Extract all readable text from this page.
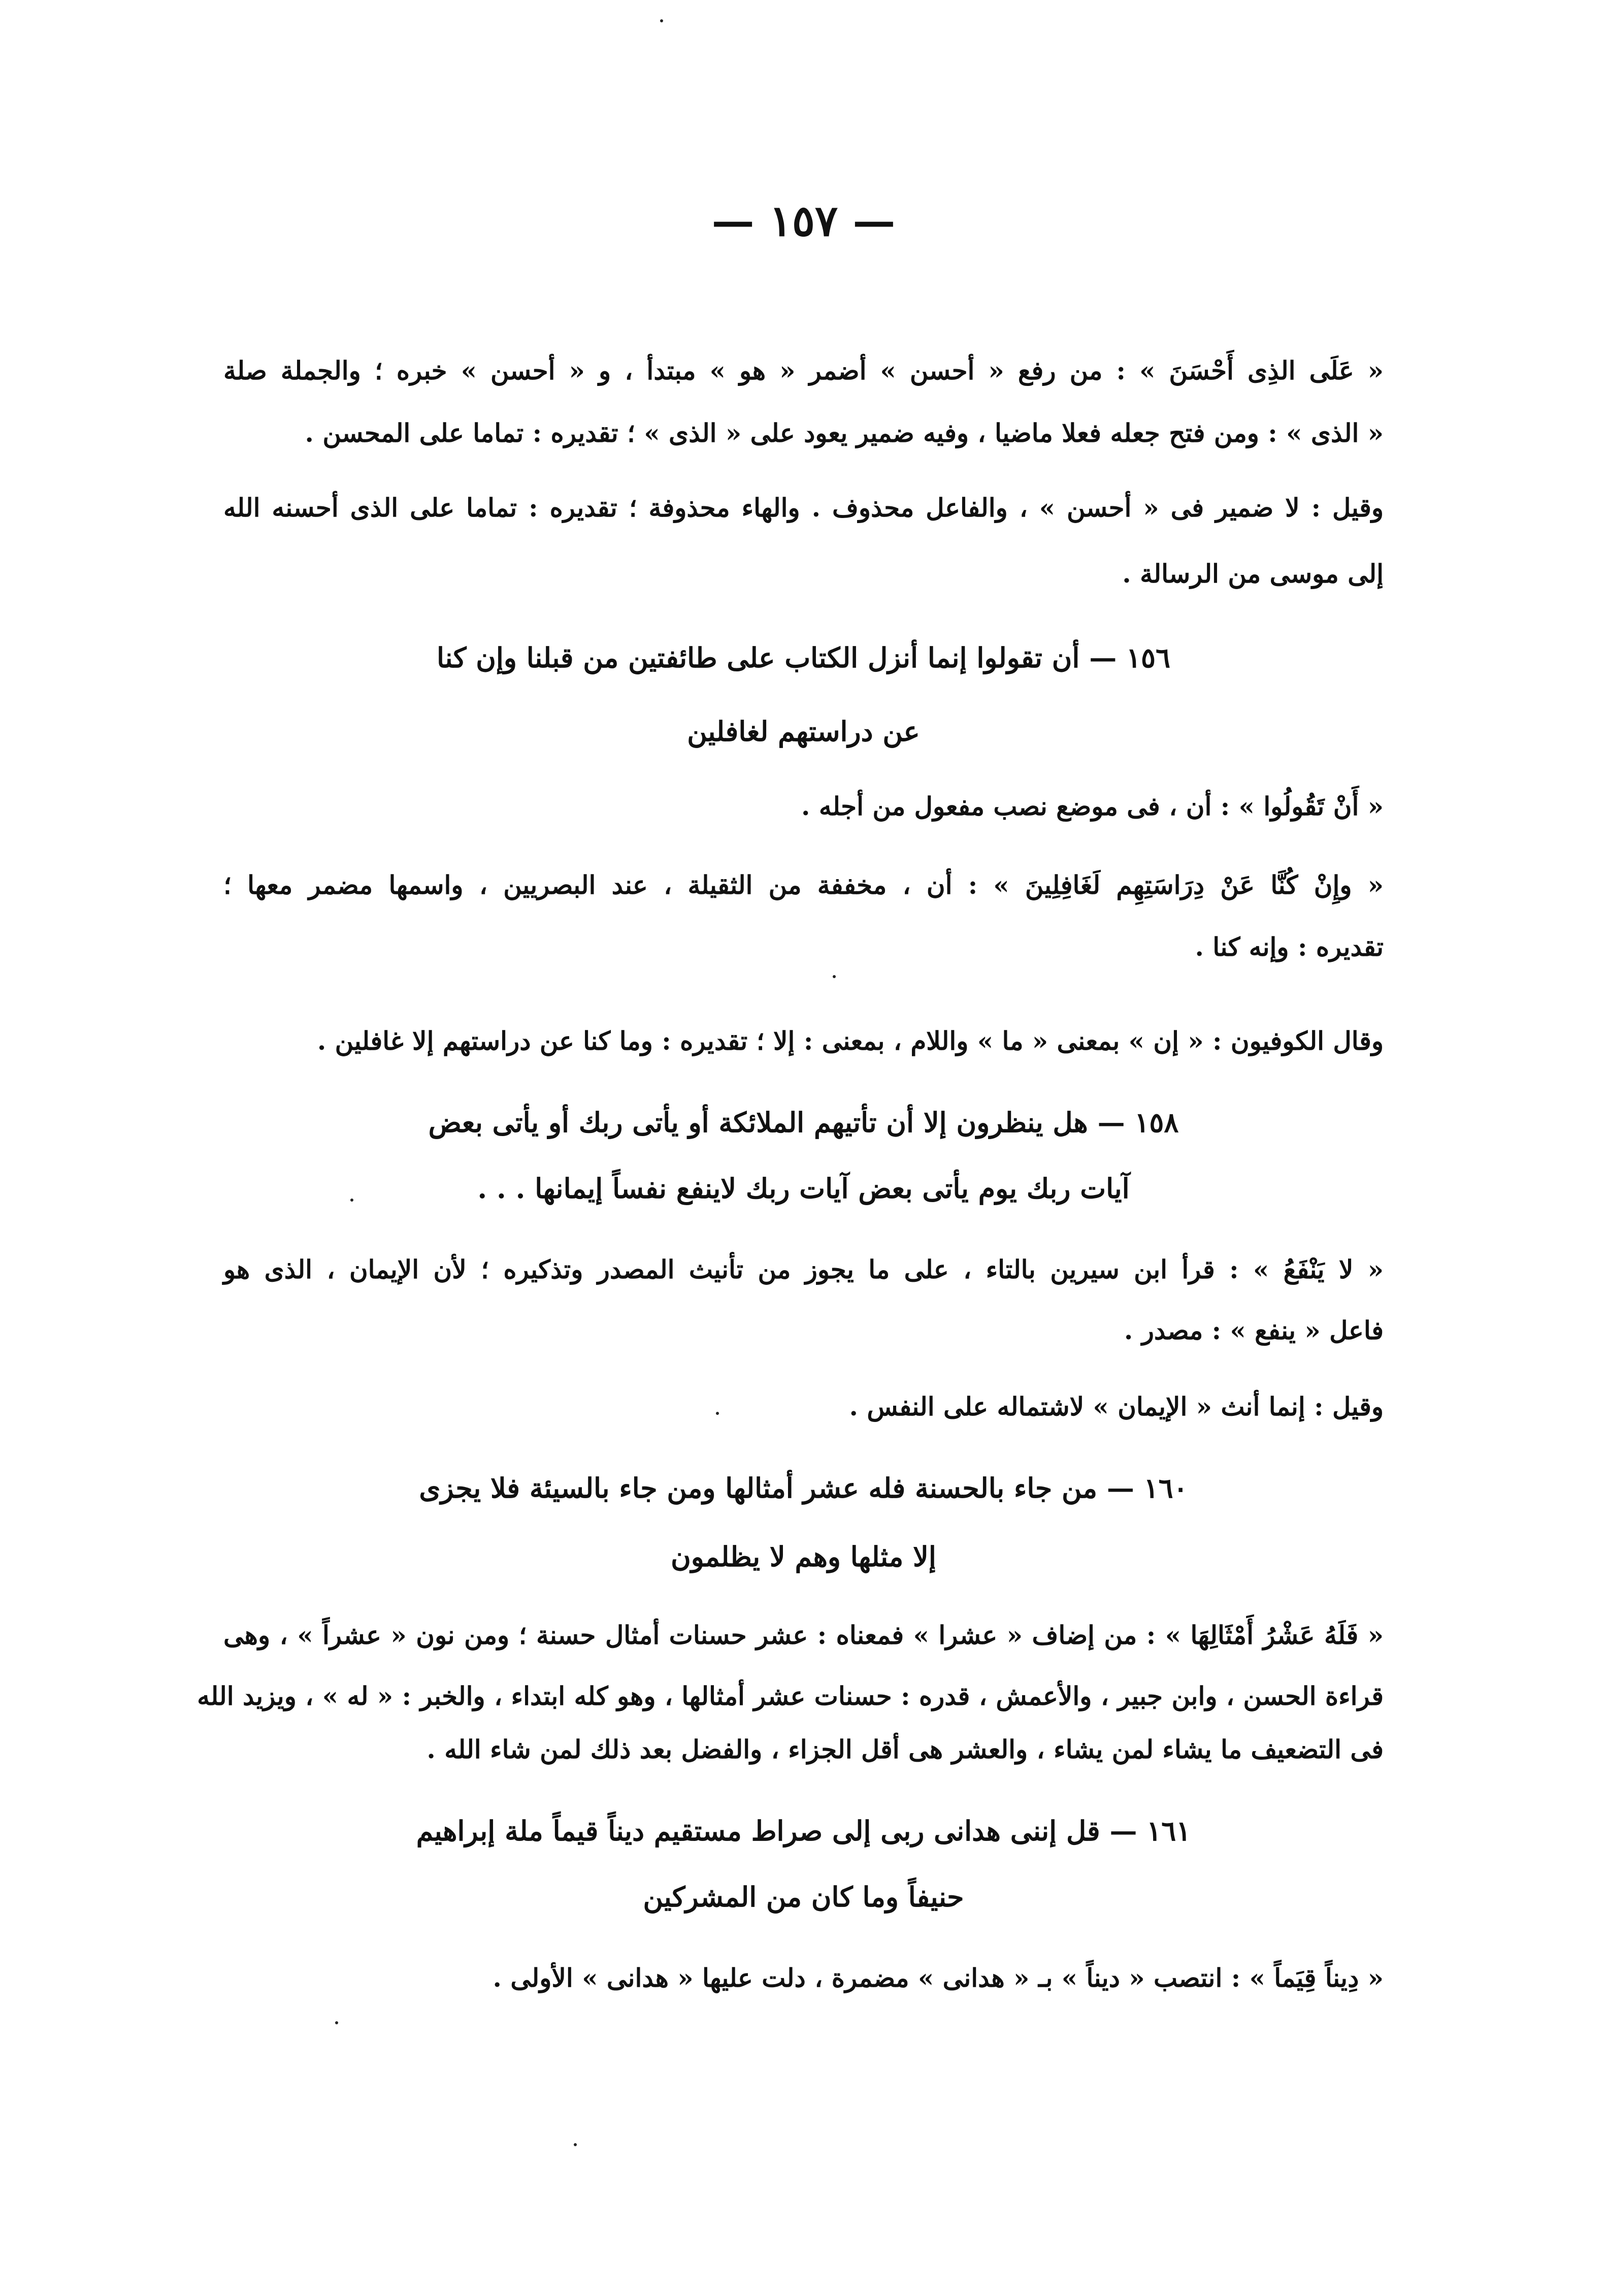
— ١٥٧ —
« عَلَى الذِى أَحْسَنَ » : من رفع « أحسن » أضمر « هو » مبتدأ ، و « أحسن » خبره ؛ والجملة صلة
« الذى » : ومن فتح جعله فعلا ماضيا ، وفيه ضمير يعود على « الذى » ؛ تقديره : تماما على المحسن .
وقيل : لا ضمير فى « أحسن » ، والفاعل محذوف . والهاء محذوفة ؛ تقديره : تماما على الذى أحسنه الله
إلى موسى من الرسالة .
١٥٦ — أن تقولوا إنما أنزل الكتاب على طائفتين من قبلنا وإن كنا
عن دراستهم لغافلين
« أَنْ تَقُولُوا » : أن ، فى موضع نصب مفعول من أجله .
« وإِنْ كُنَّا عَنْ دِرَاسَتِهِم لَغَافِلِينَ » : أن ، مخففة من الثقيلة ، عند البصريين ، واسمها مضمر معها ؛
تقديره : وإنه كنا .
وقال الكوفيون : « إن » بمعنى « ما » واللام ، بمعنى : إلا ؛ تقديره : وما كنا عن دراستهم إلا غافلين .
١٥٨ — هل ينظرون إلا أن تأتيهم الملائكة أو يأتى ربك أو يأتى بعض
آيات ربك يوم يأتى بعض آيات ربك لاينفع نفساً إيمانها . . .
« لا يَنْفَعُ » : قرأ ابن سيرين بالتاء ، على ما يجوز من تأنيث المصدر وتذكيره ؛ لأن الإيمان ، الذى هو
فاعل « ينفع » : مصدر .
وقيل : إنما أنث « الإيمان » لاشتماله على النفس .
١٦٠ — من جاء بالحسنة فله عشر أمثالها ومن جاء بالسيئة فلا يجزى
إلا مثلها وهم لا يظلمون
« فَلَهُ عَشْرُ أَمْثَالِهَا » : من إضاف « عشرا » فمعناه : عشر حسنات أمثال حسنة ؛ ومن نون « عشراً » ، وهى
قراءة الحسن ، وابن جبير ، والأعمش ، قدره : حسنات عشر أمثالها ، وهو كله ابتداء ، والخبر : « له » ، ويزيد الله
فى التضعيف ما يشاء لمن يشاء ، والعشر هى أقل الجزاء ، والفضل بعد ذلك لمن شاء الله .
١٦١ — قل إننى هدانى ربى إلى صراط مستقيم ديناً قيماً ملة إبراهيم
حنيفاً وما كان من المشركين
« دِيناً قِيَماً » : انتصب « ديناً » بـ « هدانى » مضمرة ، دلت عليها « هدانى » الأولى .
